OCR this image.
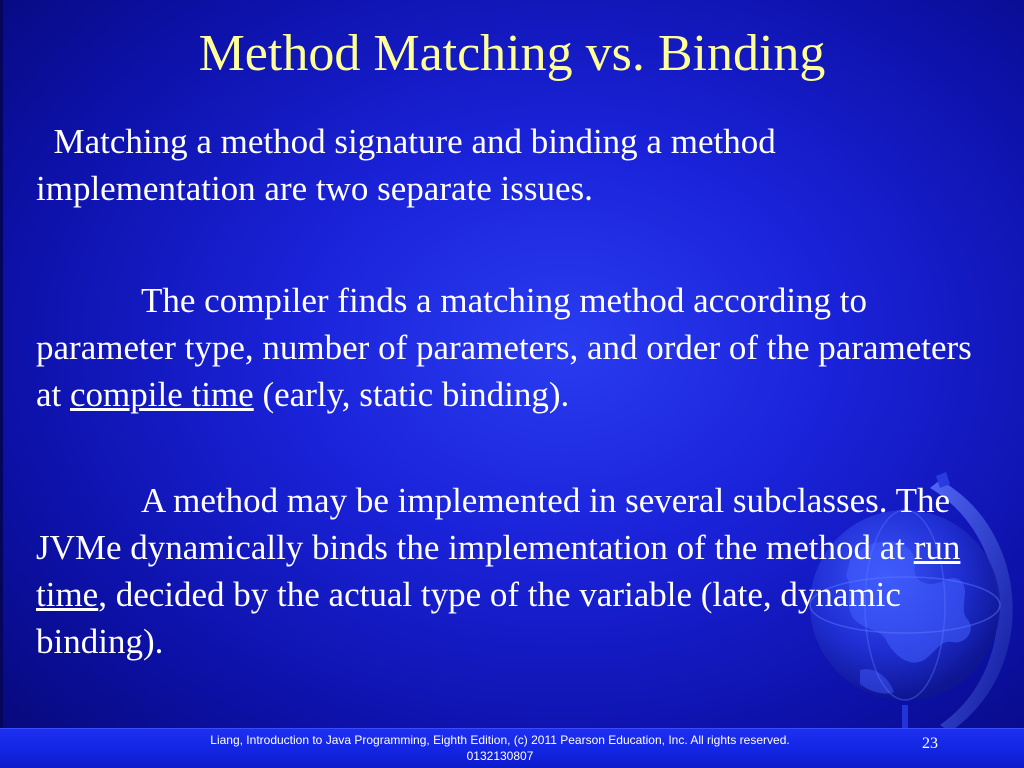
Method Matching vs. Binding

Matching a method signature and binding a method implementation are two separate issues.

The compiler finds a matching method according to parameter type, number of parameters, and order of the parameters at compile time (early, static binding).

A method may be implemented in several subclasses. The JVMe dynamically binds the implementation of the method at run time, decided by the actual type of the variable (late, dynamic binding).

Liang, Introduction to Java Programming, Eighth Edition, (c) 2011 Pearson Education, Inc. All rights reserved. 0132130807
23
